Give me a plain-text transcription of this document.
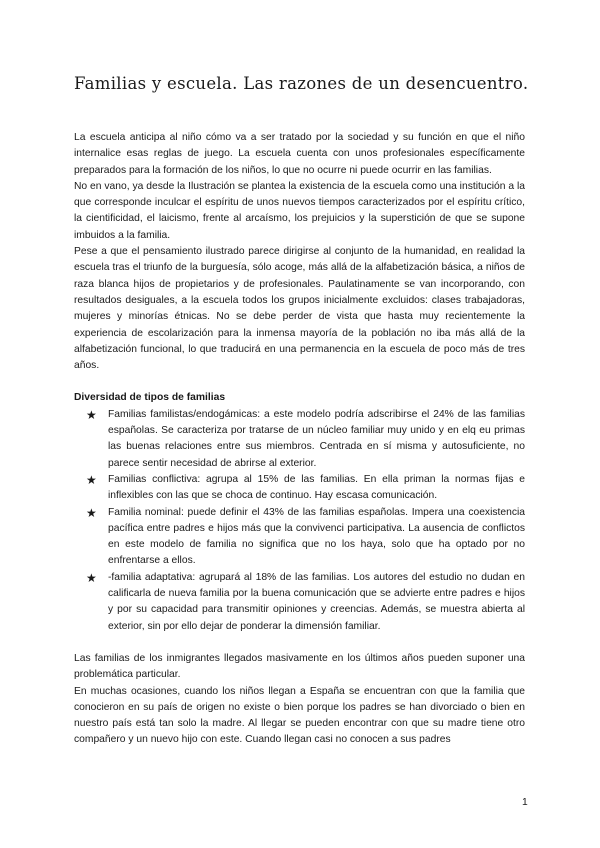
Familias y escuela. Las razones de un desencuentro.

La escuela anticipa al niño cómo va a ser tratado por la sociedad y su función en que el niño internalice esas reglas de juego. La escuela cuenta con unos profesionales específicamente preparados para la formación de los niños, lo que no ocurre ni puede ocurrir en las familias.

No en vano, ya desde la Ilustración se plantea la existencia de la escuela como una institución a la que corresponde inculcar el espíritu de unos nuevos tiempos caracterizados por el espíritu crítico, la cientificidad, el laicismo, frente al arcaísmo, los prejuicios y la superstición de que se supone imbuidos a la familia.

Pese a que el pensamiento ilustrado parece dirigirse al conjunto de la humanidad, en realidad la escuela tras el triunfo de la burguesía, sólo acoge, más allá de la alfabetización básica, a niños de raza blanca hijos de propietarios y de profesionales. Paulatinamente se van incorporando, con resultados desiguales, a la escuela todos los grupos inicialmente excluidos: clases trabajadoras, mujeres y minorías étnicas. No se debe perder de vista que hasta muy recientemente la experiencia de escolarización para la inmensa mayoría de la población no iba más allá de la alfabetización funcional, lo que traducirá en una permanencia en la escuela de poco más de tres años.

Diversidad de tipos de familias

★ Familias familistas/endogámicas: a este modelo podría adscribirse el 24% de las familias españolas. Se caracteriza por tratarse de un núcleo familiar muy unido y en elq eu primas las buenas relaciones entre sus miembros. Centrada en sí misma y autosuficiente, no parece sentir necesidad de abrirse al exterior.
★ Familias conflictiva: agrupa al 15% de las familias. En ella priman la normas fijas e inflexibles con las que se choca de continuo. Hay escasa comunicación.
★ Familia nominal: puede definir el 43% de las familias españolas. Impera una coexistencia pacífica entre padres e hijos más que la convivenci participativa. La ausencia de conflictos en este modelo de familia no significa que no los haya, solo que ha optado por no enfrentarse a ellos.
★ -familia adaptativa: agrupará al 18% de las familias. Los autores del estudio no dudan en calificarla de nueva familia por la buena comunicación que se advierte entre padres e hijos y por su capacidad para transmitir opiniones y creencias. Además, se muestra abierta al exterior, sin por ello dejar de ponderar la dimensión familiar.

Las familias de los inmigrantes llegados masivamente en los últimos años pueden suponer una problemática particular.

En muchas ocasiones, cuando los niños llegan a España se encuentran con que la familia que conocieron en su país de origen no existe o bien porque los padres se han divorciado o bien en nuestro país está tan solo la madre. Al llegar se pueden encontrar con que su madre tiene otro compañero y un nuevo hijo con este. Cuando llegan casi no conocen a sus padres

1
